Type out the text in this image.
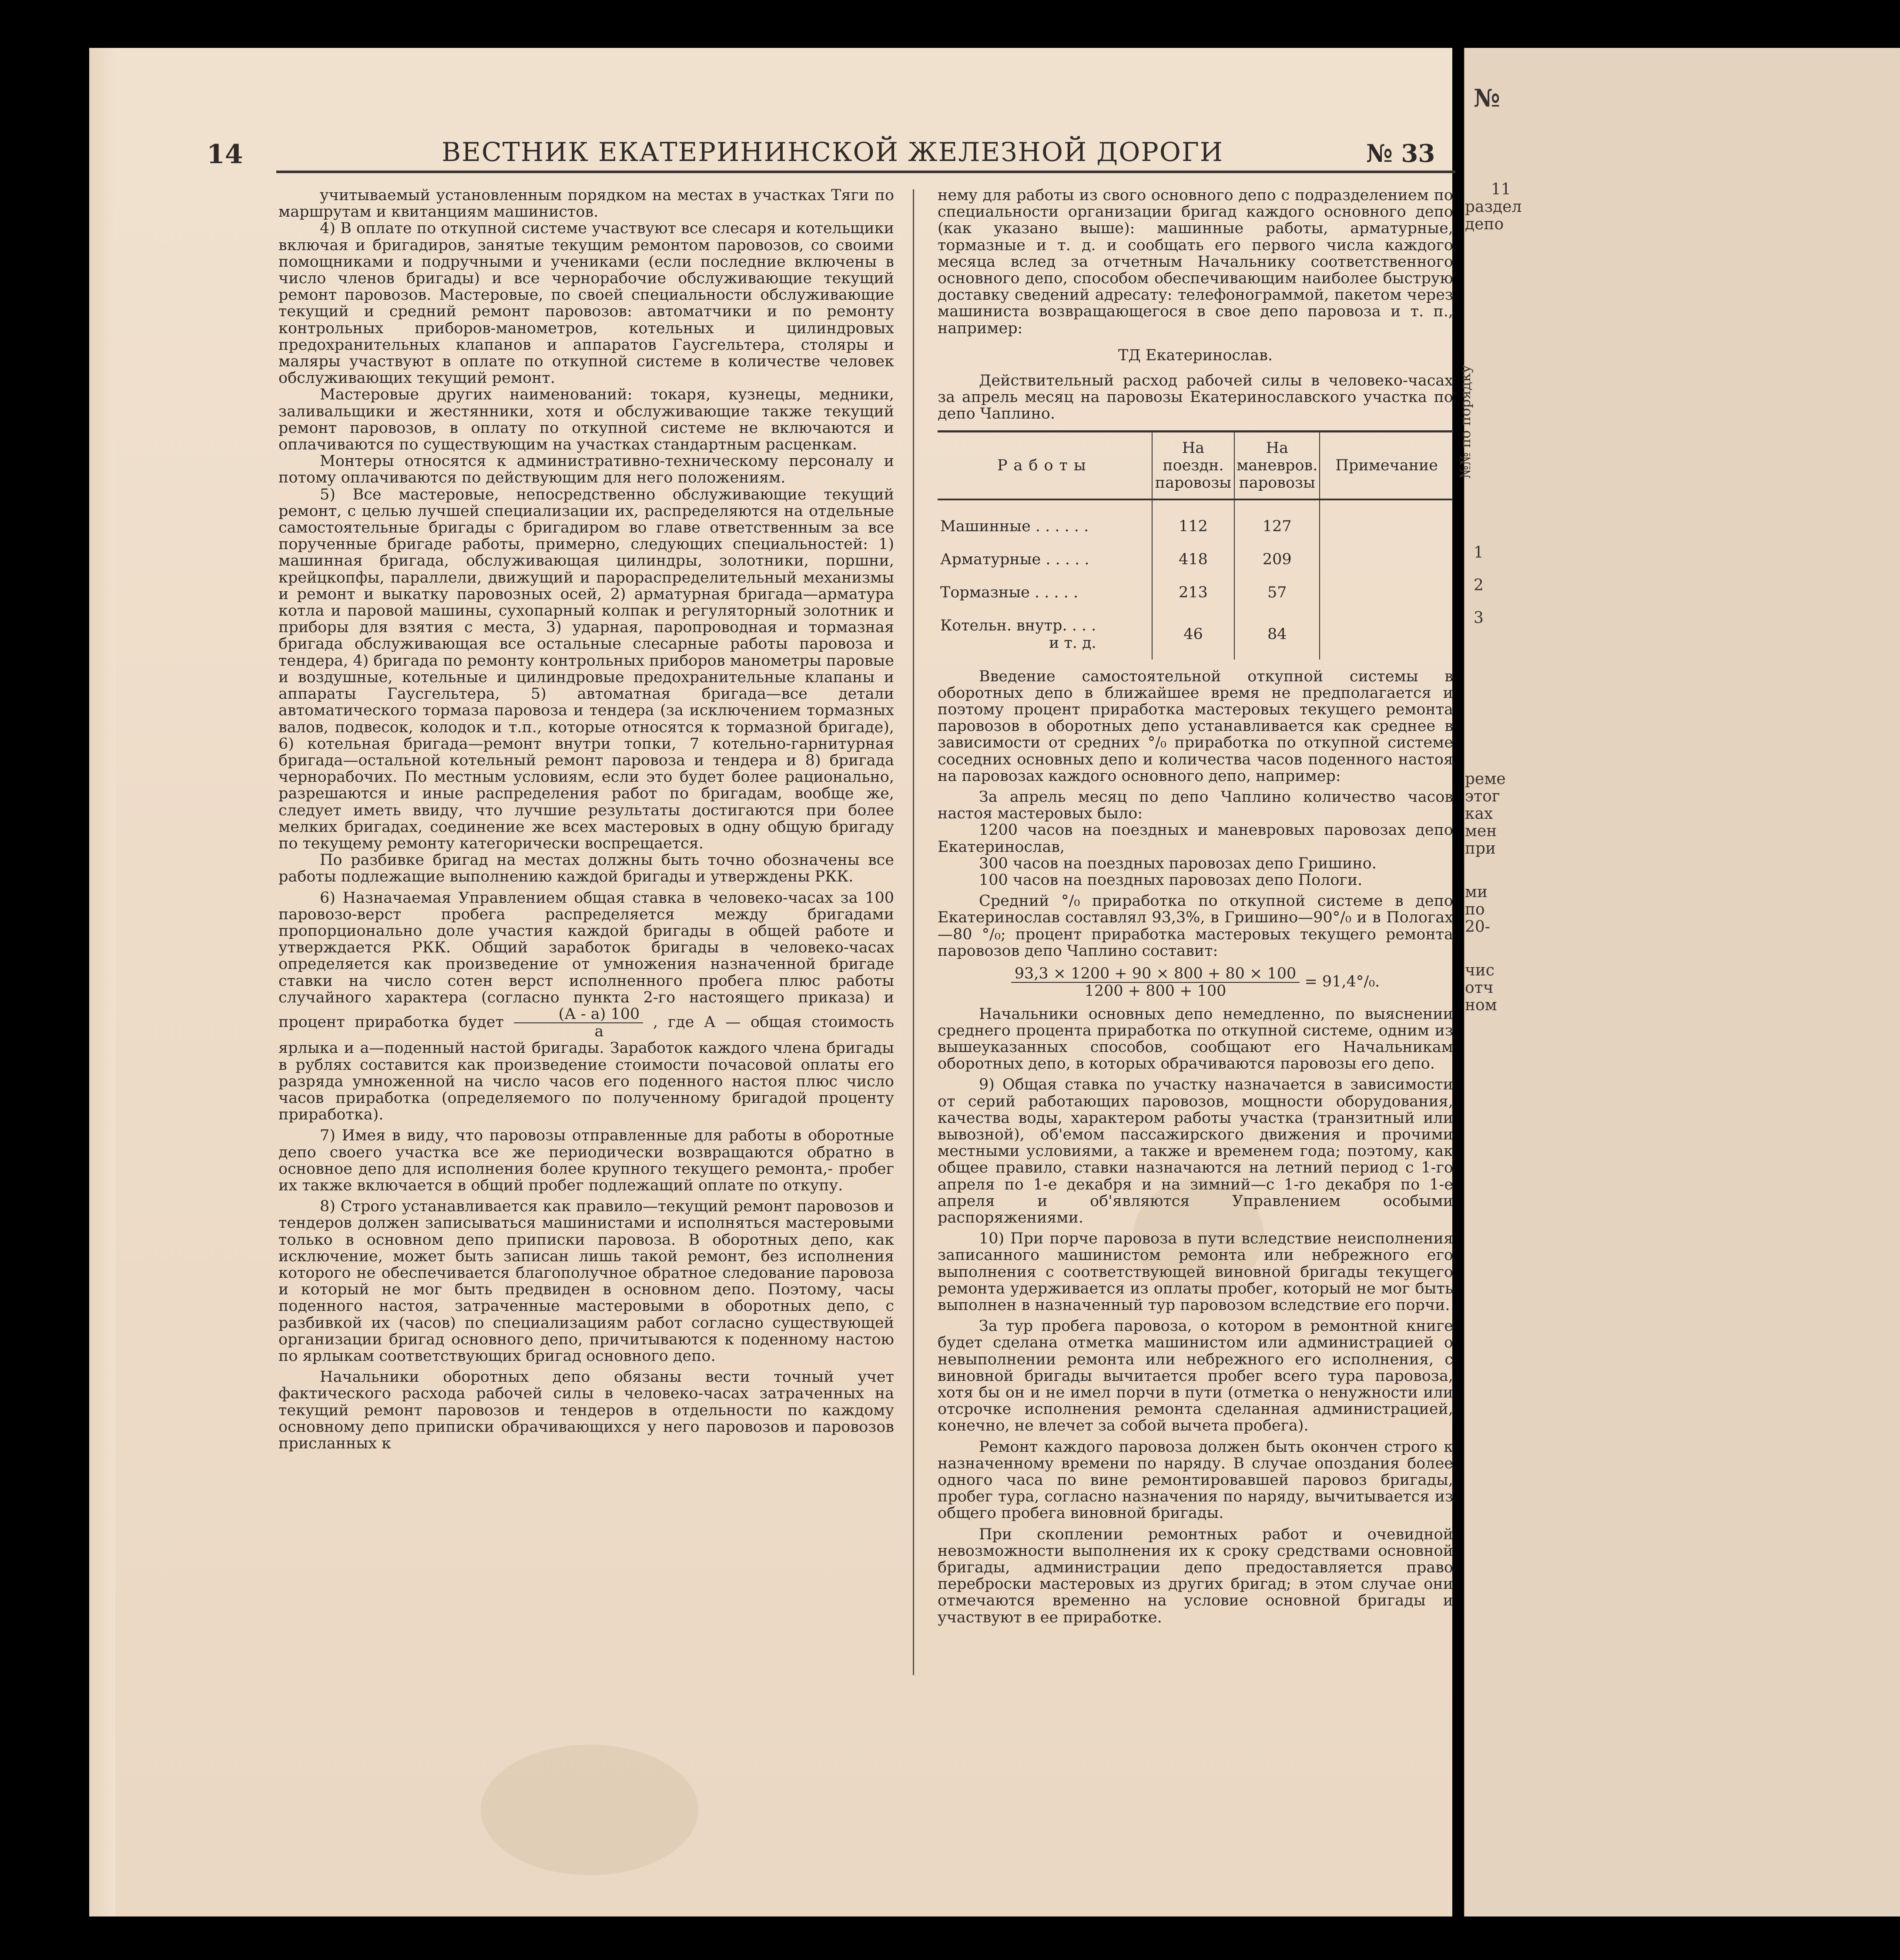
№
11
раздел
депо
№№ по порядку
1
2
3
реме
этог
ках
мен
при
ми
по
20-
чис
отч
ном
14	ВЕСТНИК ЕКАТЕРИНИНСКОЙ ЖЕЛЕЗНОЙ ДОРОГИ	№ 33

учитываемый установленным порядком на местах в участках Тяги по маршрутам и квитанциям машинистов.

4) В оплате по откупной системе участвуют все слесаря и котельщики включая и бригадиров, занятые текущим ремонтом паровозов, со своими помощниками и подручными и учениками (если последние включены в число членов бригады) и все чернорабочие обслуживающие текущий ремонт паровозов. Мастеровые, по своей специальности обслуживающие текущий и средний ремонт паровозов: автоматчики и по ремонту контрольных приборов-манометров, котельных и цилиндровых предохранительных клапанов и аппаратов Гаусгельтера, столяры и маляры участвуют в оплате по откупной системе в количестве человек обслуживающих текущий ремонт.

Мастеровые других наименований: токаря, кузнецы, медники, заливальщики и жестянники, хотя и обслуживающие также текущий ремонт паровозов, в оплату по откупной системе не включаются и оплачиваются по существующим на участках стандартным расценкам.

Монтеры относятся к административно-техническому персоналу и потому оплачиваются по действующим для него положениям.

5) Все мастеровые, непосредственно обслуживающие текущий ремонт, с целью лучшей специализации их, распределяются на отдельные самостоятельные бригады с бригадиром во главе ответственным за все порученные бригаде работы, примерно, следующих специальностей: 1) машинная бригада, обслуживающая цилиндры, золотники, поршни, крейцкопфы, параллели, движущий и парораспределительный механизмы и ремонт и выкатку паровозных осей, 2) арматурная бригада—арматура котла и паровой машины, сухопарный колпак и регуляторный золотник и приборы для взятия с места, 3) ударная, паропроводная и тормазная бригада обслуживающая все остальные слесарные работы паровоза и тендера, 4) бригада по ремонту контрольных приборов манометры паровые и воздушные, котельные и цилиндровые предохранительные клапаны и аппараты Гаусгельтера, 5) автоматная бригада—все детали автоматического тормаза паровоза и тендера (за исключением тормазных валов, подвесок, колодок и т.п., которые относятся к тормазной бригаде), 6) котельная бригада—ремонт внутри топки, 7 котельно-гарнитурная бригада—остальной котельный ремонт паровоза и тендера и 8) бригада чернорабочих. По местным условиям, если это будет более рационально, разрешаются и иные распределения работ по бригадам, вообще же, следует иметь ввиду, что лучшие результаты достигаются при более мелких бригадах, соединение же всех мастеровых в одну общую бригаду по текущему ремонту категорически воспрещается.

По разбивке бригад на местах должны быть точно обозначены все работы подлежащие выполнению каждой бригады и утверждены РКК.

6) Назначаемая Управлением общая ставка в человеко-часах за 100 паровозо-верст пробега распределяется между бригадами пропорционально доле участия каждой бригады в общей работе и утверждается РКК. Общий заработок бригады в человеко-часах определяется как произведение от умножения назначенной бригаде ставки на число сотен верст исполненного пробега плюс работы случайного характера (согласно пункта 2-го настоящего приказа) и процент приработка будет $\frac{(А - а) 100}{а}$ , где А — общая стоимость ярлыка и а—поденный настой бригады. Заработок каждого члена бригады в рублях составится как произведение стоимости почасовой оплаты его разряда умноженной на число часов его поденного настоя плюс число часов приработка (определяемого по полученному бригадой проценту приработка).

7) Имея в виду, что паровозы отправленные для работы в оборотные депо своего участка все же периодически возвращаются обратно в основное депо для исполнения более крупного текущего ремонта,- пробег их также включается в общий пробег подлежащий оплате по откупу.

8) Строго устанавливается как правило—текущий ремонт паровозов и тендеров должен записываться машинистами и исполняться мастеровыми только в основном депо приписки паровоза. В оборотных депо, как исключение, может быть записан лишь такой ремонт, без исполнения которого не обеспечивается благополучное обратное следование паровоза и который не мог быть предвиден в основном депо. Поэтому, часы поденного настоя, затраченные мастеровыми в оборотных депо, с разбивкой их (часов) по специализациям работ согласно существующей организации бригад основного депо, причитывaются к поденному настою по ярлыкам соответствующих бригад основного депо.

Начальники оборотных депо обязаны вести точный учет фактического расхода рабочей силы в человеко-часах затраченных на текущий ремонт паровозов и тендеров в отдельности по каждому основному депо приписки обрачивающихся у него паровозов и паровозов присланных к

нему для работы из свого основного депо с подразделением по специальности организации бригад каждого основного депо (как указано выше): машинные работы, арматурные, тормазные и т. д. и сообщать его первого числа каждого месяца вслед за отчетным Начальнику соответственного основного депо, способом обеспечивающим наиболее быструю доставку сведений адресату: телефонограммой, пакетом через машиниста возвращающегося в свое депо паровоза и т. п., например:

ТД Екатеринослав.

Действительный расход рабочей силы в человеко-часах за апрель месяц на паровозы Екатеринославского участка по депо Чаплино.

Работы	На поездн. паровозы	На маневров. паровозы	Примечание
Машинные . . . . . .	112	127	
Арматурные . . . . .	418	209	
Тормазные . . . . .	213	57	
Котельн. внутр. . . .
и т. д.	46	84	

Введение самостоятельной откупной системы в оборотных депо в ближайшее время не предполагается и поэтому процент приработка мастеровых текущего ремонта паровозов в оборотных депо устанавливается как среднее в зависимости от средних °/₀ приработка по откупной системе соседних основных депо и количества часов поденного настоя на паровозах каждого основного депо, например:

За апрель месяц по депо Чаплино количество часов настоя мастеровых было:

1200 часов на поездных и маневровых паровозах депо Екатеринослав,

300 часов на поездных паровозах депо Гришино.

100 часов на поездных паровозах депо Пологи.

Средний °/₀ приработка по откупной системе в депо Екатеринослав составлял 93,3%, в Гришино—90°/₀ и в Пологах—80 °/₀; процент приработка мастеровых текущего ремонта паровозов депо Чаплино составит:

$\frac{93,3 \times 1200 + 90 \times 800 + 80 \times 100}{1200 + 800 + 100} = 91,4^\circ/_0$.

Начальники основных депо немедленно, по выяснении среднего процента приработка по откупной системе, одним из вышеуказанных способов, сообщают его Начальникам оборотных депо, в которых обрачиваются паровозы его депо.

9) Общая ставка по участку назначается в зависимости от серий работающих паровозов, мощности оборудования, качества воды, характером работы участка (транзитный или вывозной), об'емом пассажирского движения и прочими местными условиями, а также и временем года; поэтому, как общее правило, ставки назначаются на летний период с 1-го апреля по 1-е декабря и на зимний—с 1-го декабря по 1-е апреля и об'являются Управлением особыми распоряжениями.

10) При порче паровоза в пути вследствие неисполнения записанного машинистом ремонта или небрежного его выполнения с соответствующей виновной бригады текущего ремонта удерживается из оплаты пробег, который не мог быть выполнен в назначенный тур паровозом вследствие его порчи.

За тур пробега паровоза, о котором в ремонтной книге будет сделана отметка машинистом или администрацией о невыполнении ремонта или небрежного его исполнения, с виновной бригады вычитается пробег всего тура паровоза, хотя бы он и не имел порчи в пути (отметка о ненужности или отсрочке исполнения ремонта сделанная администрацией, конечно, не влечет за собой вычета пробега).

Ремонт каждого паровоза должен быть окончен строго к назначенному времени по наряду. В случае опоздания более одного часа по вине ремонтировавшей паровоз бригады, пробег тура, согласно назначения по наряду, вычитывается из общего пробега виновной бригады.

При скоплении ремонтных работ и очевидной невозможности выполнения их к сроку средствами основной бригады, администрации депо предоставляется право переброски мастеровых из других бригад; в этом случае они отмечаются временно на условие основной бригады и участвуют в ее приработке.
